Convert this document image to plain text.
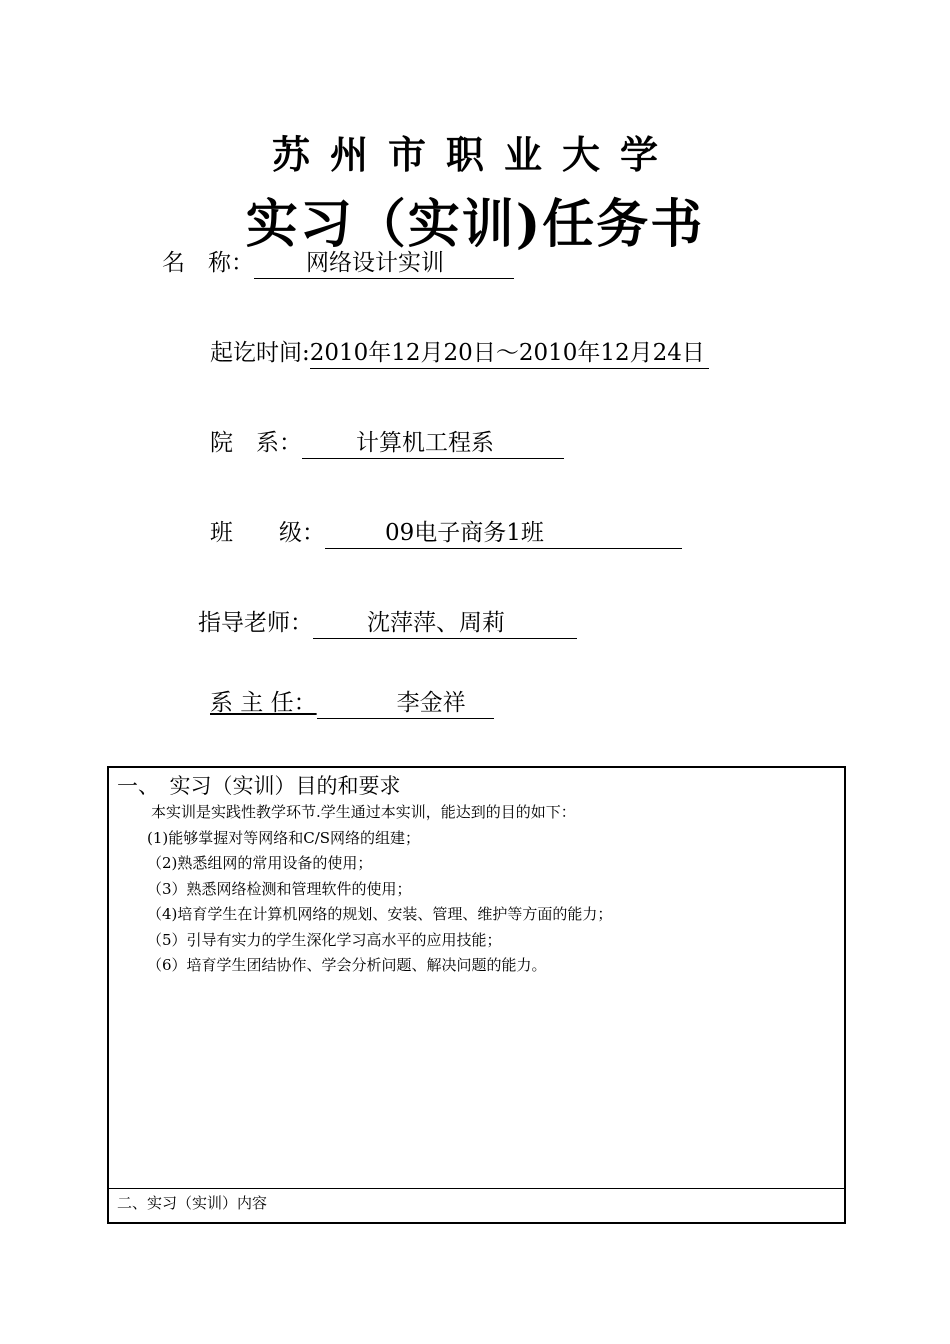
苏州市职业大学
实习（实训)任务书
名　称： 网络设计实训
起讫时间:2010年12月20日～2010年12月24日
院　系： 计算机工程系
班　　级：	09电子商务1班
指导老师： 沈萍萍、周莉
系 主 任：	李金祥
一、　实习（实训）目的和要求
本实训是实践性教学环节.学生通过本实训，能达到的目的如下：
(1)能够掌握对等网络和C/S网络的组建；
（2)熟悉组网的常用设备的使用；
（3）熟悉网络检测和管理软件的使用；
（4)培育学生在计算机网络的规划、安装、管理、维护等方面的能力；
（5）引导有实力的学生深化学习高水平的应用技能；
（6）培育学生团结协作、学会分析问题、解决问题的能力。
二、实习（实训）内容
